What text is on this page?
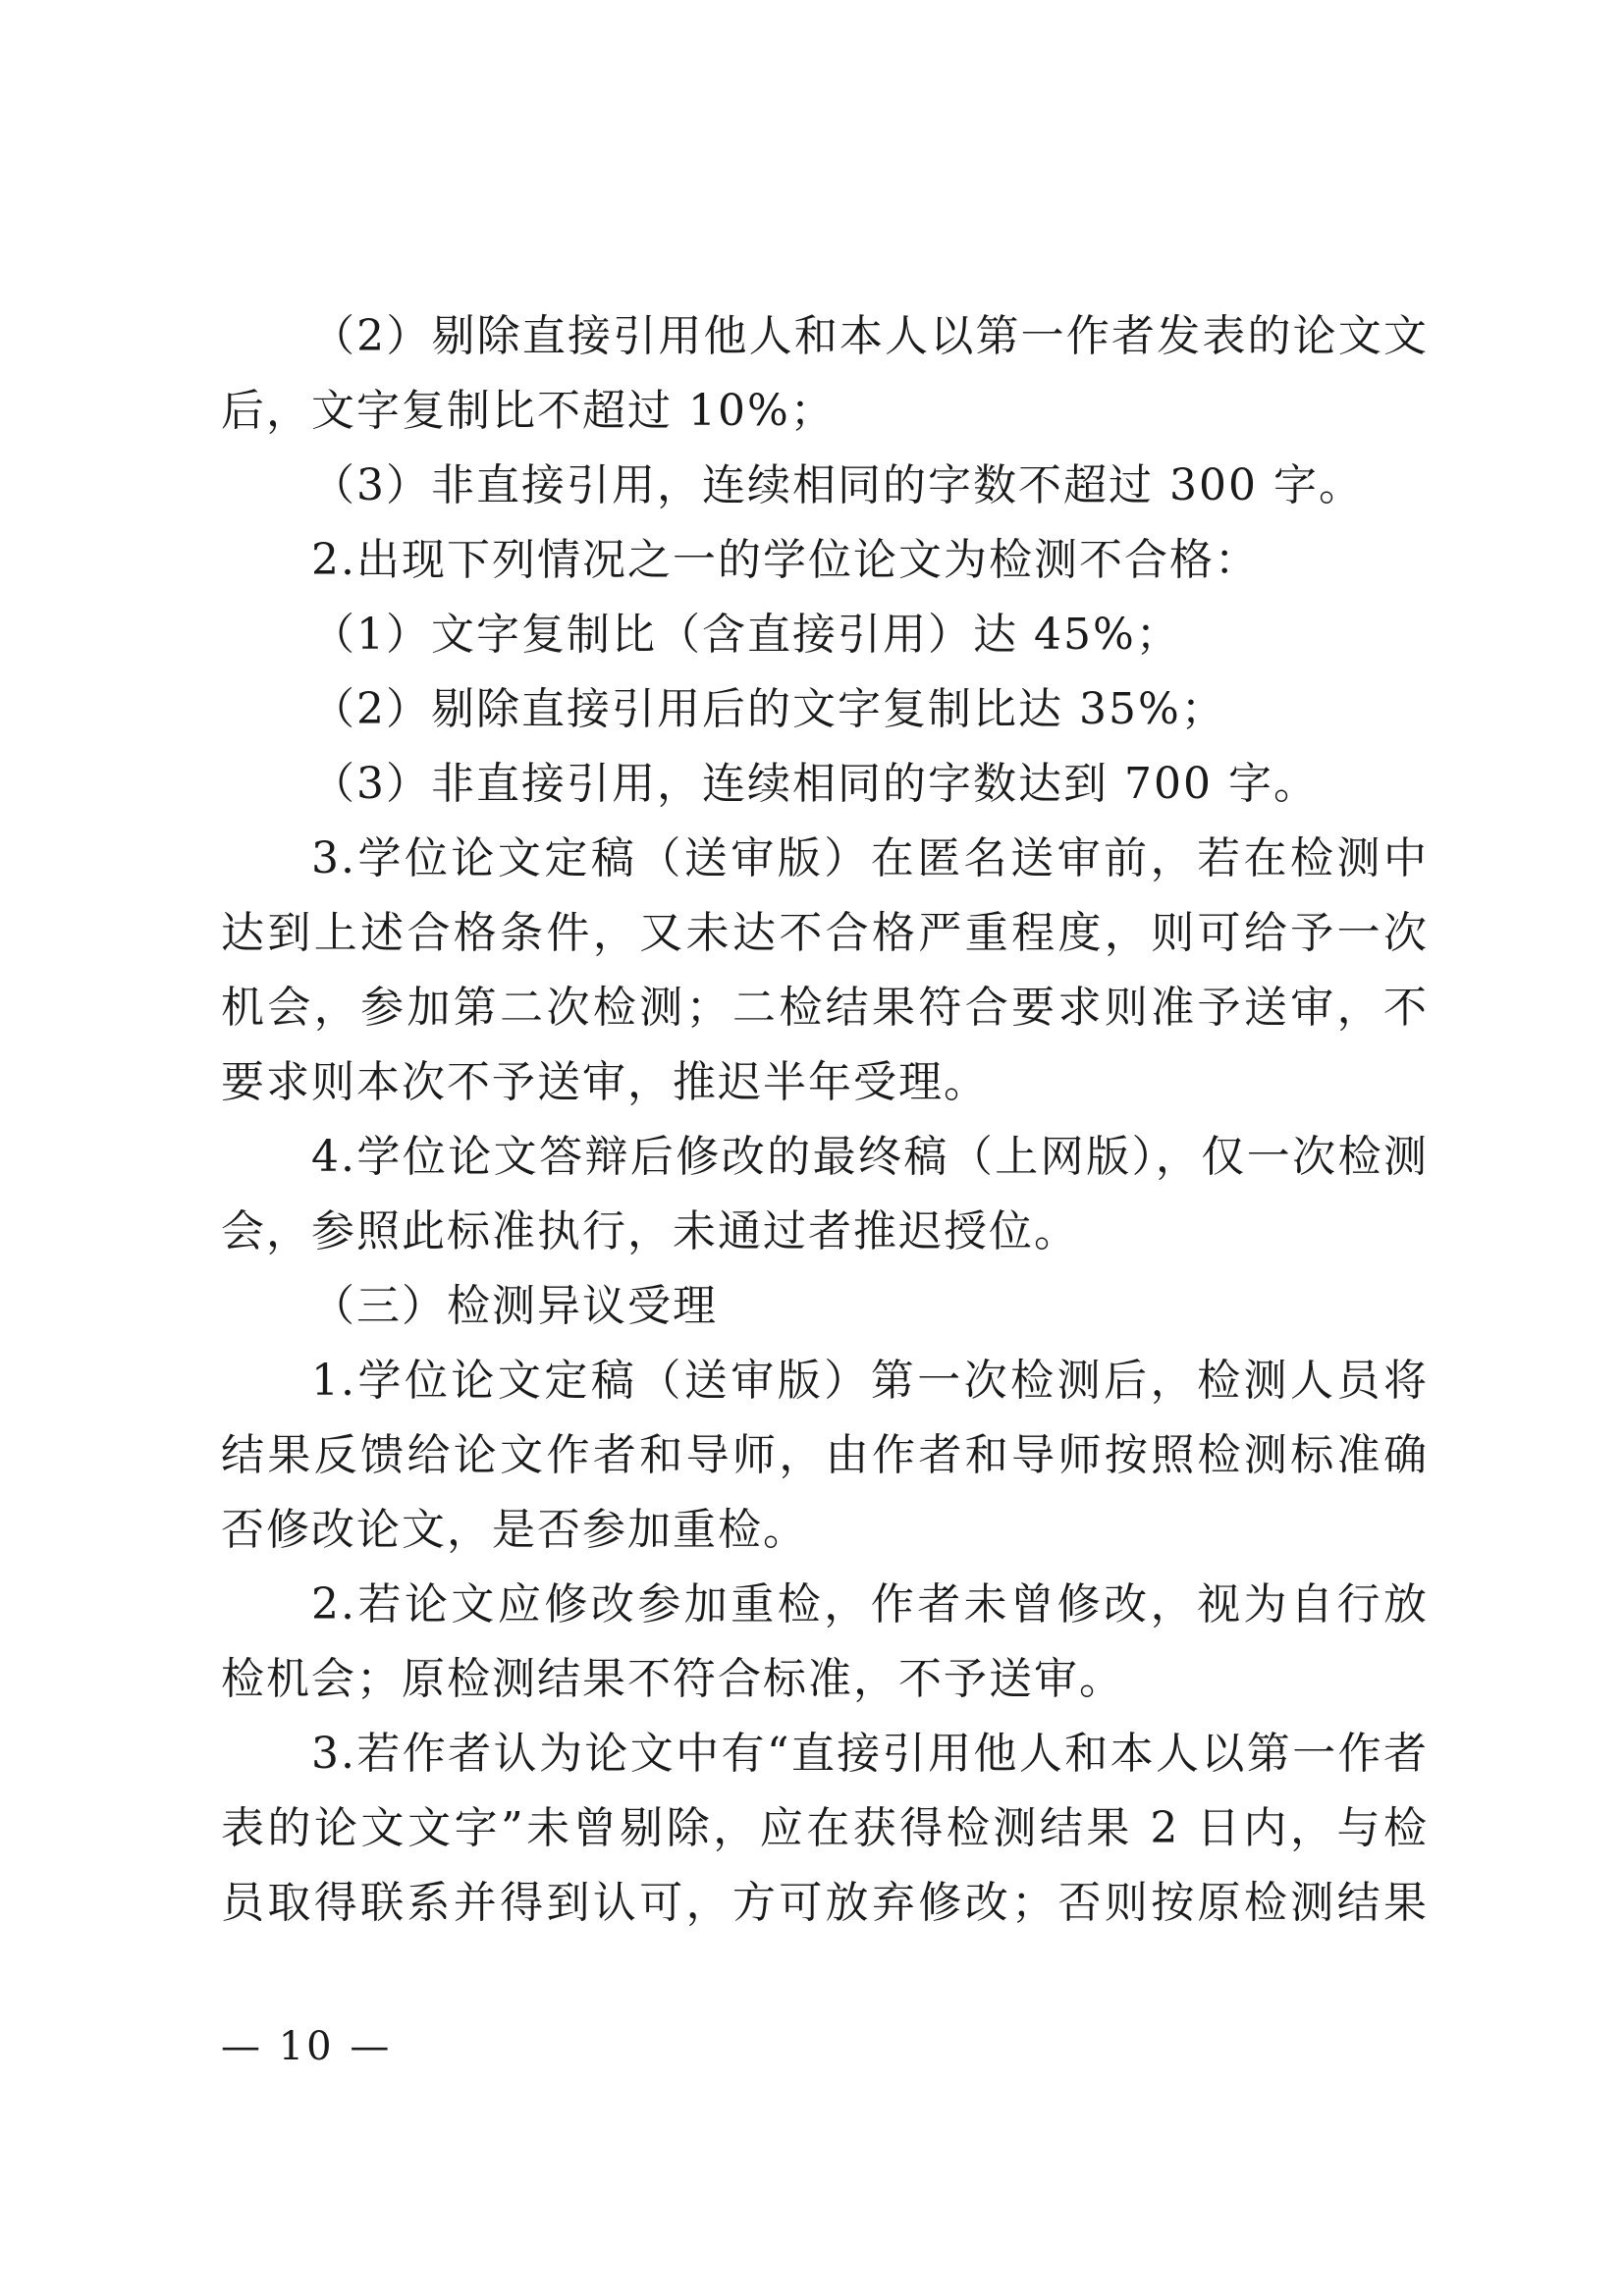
（2）剔除直接引用他人和本人以第一作者发表的论文文
后，文字复制比不超过 10%；
（3）非直接引用，连续相同的字数不超过 300 字。
2.出现下列情况之一的学位论文为检测不合格：
（1）文字复制比（含直接引用）达 45%；
（2）剔除直接引用后的文字复制比达 35%；
（3）非直接引用，连续相同的字数达到 700 字。
3.学位论文定稿（送审版）在匿名送审前，若在检测中
达到上述合格条件，又未达不合格严重程度，则可给予一次
机会，参加第二次检测；二检结果符合要求则准予送审，不
要求则本次不予送审，推迟半年受理。
4.学位论文答辩后修改的最终稿（上网版），仅一次检测
会，参照此标准执行，未通过者推迟授位。
（三）检测异议受理
1.学位论文定稿（送审版）第一次检测后，检测人员将
结果反馈给论文作者和导师，由作者和导师按照检测标准确
否修改论文，是否参加重检。
2.若论文应修改参加重检，作者未曾修改，视为自行放
检机会；原检测结果不符合标准，不予送审。
3.若作者认为论文中有“直接引用他人和本人以第一作者
表的论文文字”未曾剔除，应在获得检测结果 2 日内，与检
员取得联系并得到认可，方可放弃修改；否则按原检测结果
— 10 —
